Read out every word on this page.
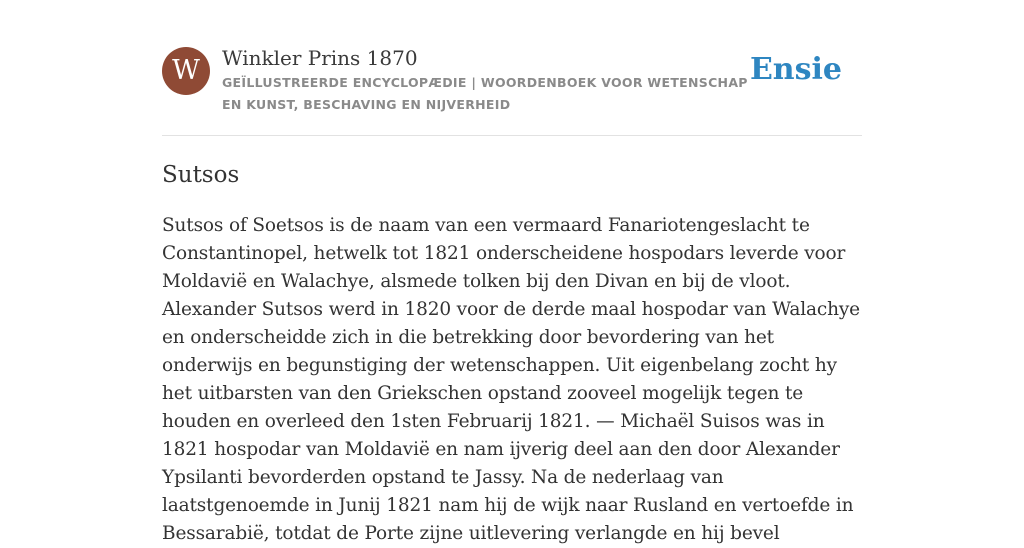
W	Winkler Prins 1870
GEÏLLUSTREERDE ENCYCLOPÆDIE | WOORDENBOEK VOOR WETENSCHAP EN KUNST, BESCHAVING EN NIJVERHEID
Ensie
Sutsos

Sutsos of Soetsos is de naam van een vermaard Fanariotengeslacht te Constantinopel, hetwelk tot 1821 onderscheidene hospodars leverde voor Moldavië en Walachye, alsmede tolken bij den Divan en bij de vloot. Alexander Sutsos werd in 1820 voor de derde maal hospodar van Walachye en onderscheidde zich in die betrekking door bevordering van het onderwijs en begunstiging der wetenschappen. Uit eigenbelang zocht hy het uitbarsten van den Griekschen opstand zooveel mogelijk tegen te houden en overleed den 1sten Februarij 1821. — Michaël Suisos was in 1821 hospodar van Moldavië en nam ijverig deel aan den door Alexander Ypsilanti bevorderden opstand te Jassy. Na de nederlaag van laatstgenoemde in Junij 1821 nam hij de wijk naar Rusland en vertoefde in Bessarabië, totdat de Porte zijne uitlevering verlangde en hij bevel
